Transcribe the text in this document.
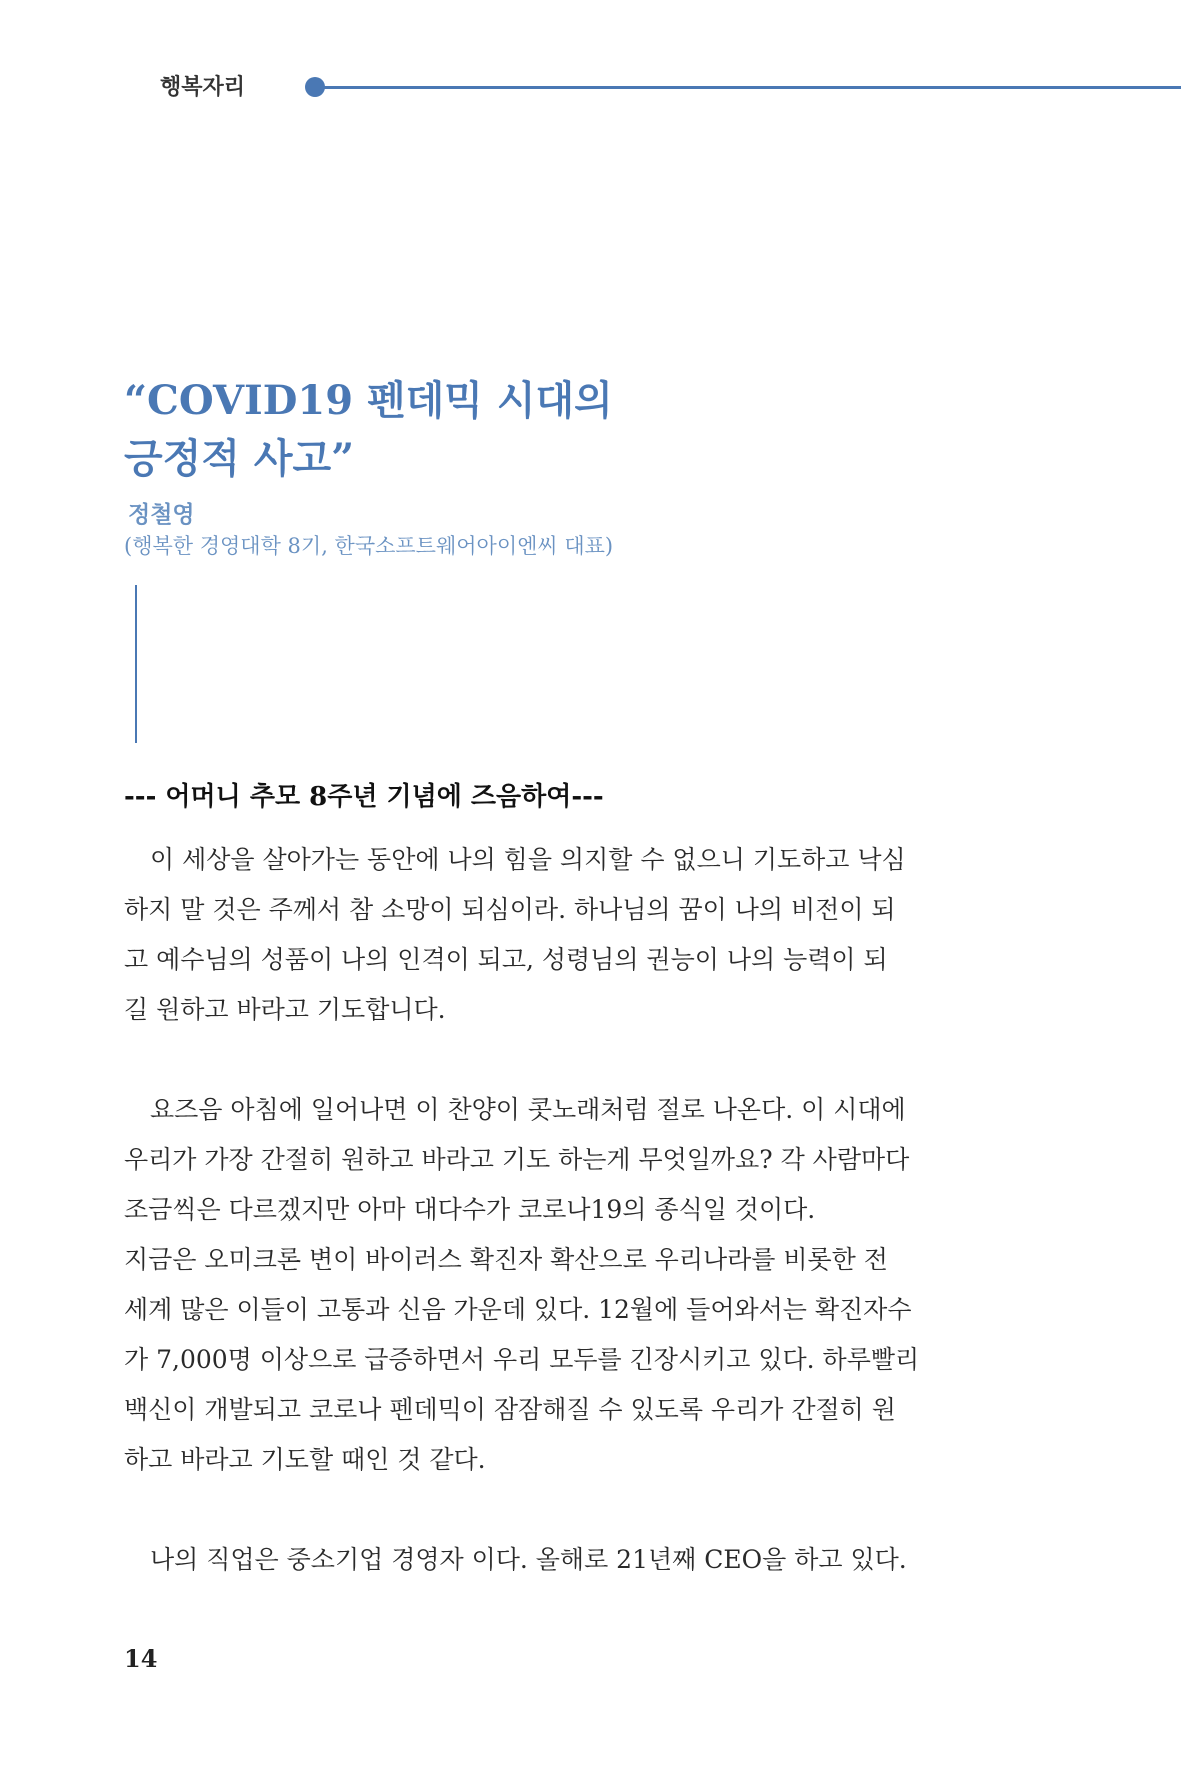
행복자리
“COVID19 펜데믹 시대의
긍정적 사고”
정철영
(행복한 경영대학 8기, 한국소프트웨어아이엔씨 대표)
--- 어머니 추모 8주년 기념에 즈음하여---
이 세상을 살아가는 동안에 나의 힘을 의지할 수 없으니 기도하고 낙심
하지 말 것은 주께서 참 소망이 되심이라. 하나님의 꿈이 나의 비전이 되
고 예수님의 성품이 나의 인격이 되고, 성령님의 권능이 나의 능력이 되
길 원하고 바라고 기도합니다.
요즈음 아침에 일어나면 이 찬양이 콧노래처럼 절로 나온다. 이 시대에
우리가 가장 간절히 원하고 바라고 기도 하는게 무엇일까요? 각 사람마다
조금씩은 다르겠지만 아마 대다수가 코로나19의 종식일 것이다.
지금은 오미크론 변이 바이러스 확진자 확산으로 우리나라를 비롯한 전
세계 많은 이들이 고통과 신음 가운데 있다. 12월에 들어와서는 확진자수
가 7,000명 이상으로 급증하면서 우리 모두를 긴장시키고 있다. 하루빨리
백신이 개발되고 코로나 펜데믹이 잠잠해질 수 있도록 우리가 간절히 원
하고 바라고 기도할 때인 것 같다.
나의 직업은 중소기업 경영자 이다. 올해로 21년째 CEO을 하고 있다.
14
